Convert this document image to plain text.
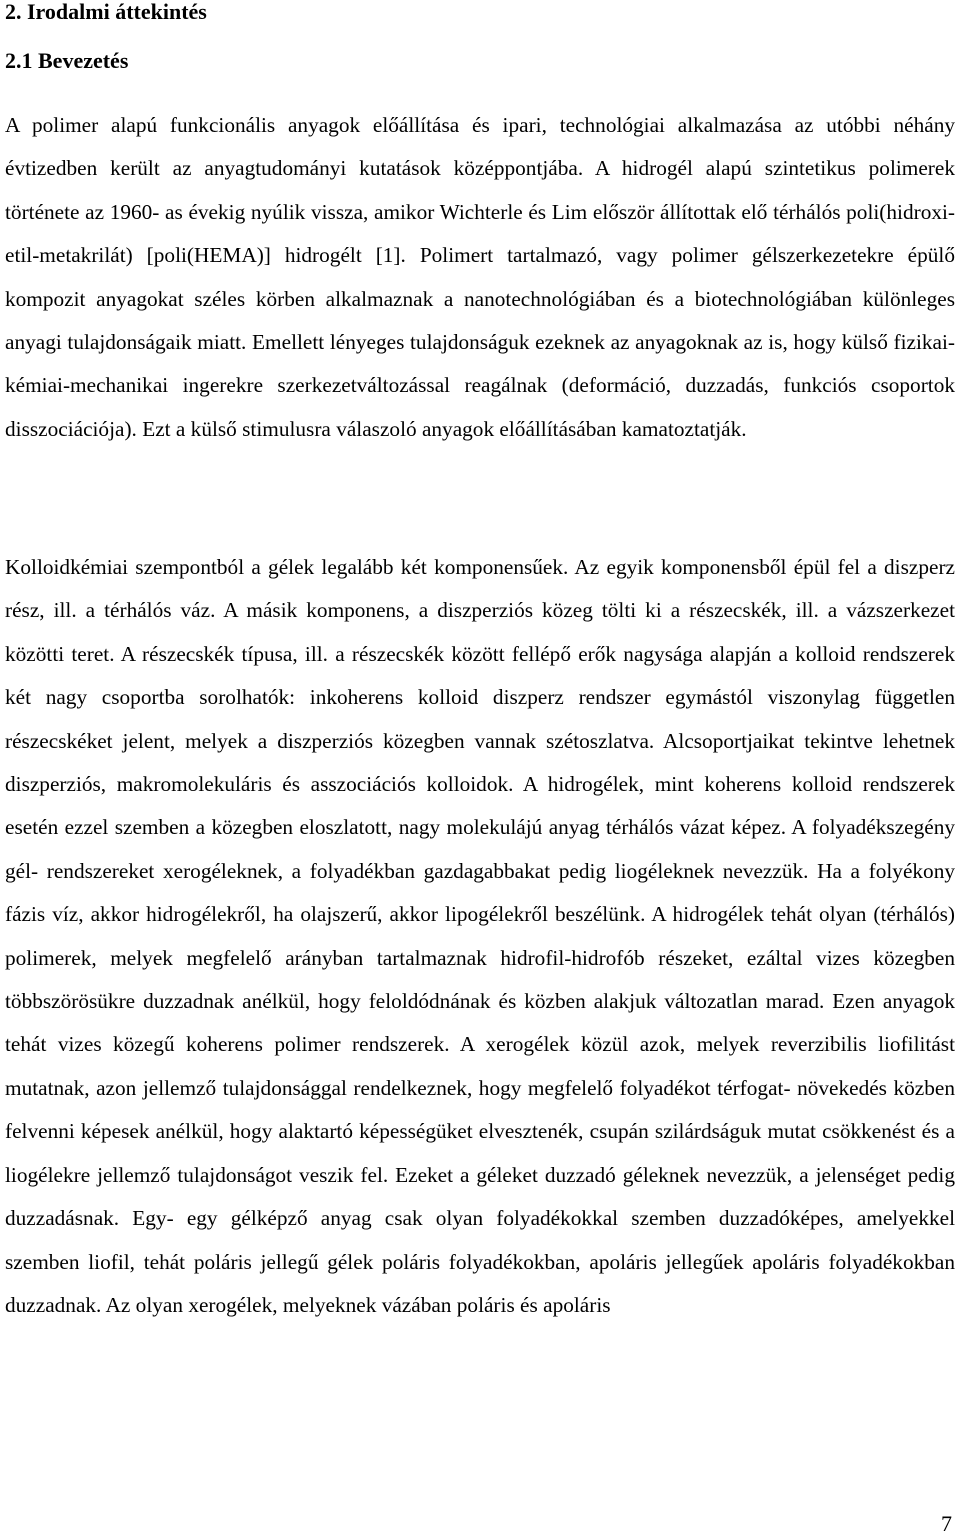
2. Irodalmi áttekintés
2.1 Bevezetés

A polimer alapú funkcionális anyagok előállítása és ipari, technológiai alkalmazása az utóbbi néhány évtizedben került az anyagtudományi kutatások középpontjába. A hidrogél alapú szintetikus polimerek története az 1960- as évekig nyúlik vissza, amikor Wichterle és Lim először állítottak elő térhálós poli(hidroxi-etil-metakrilát) [poli(HEMA)] hidrogélt [1]. Polimert tartalmazó, vagy polimer gélszerkezetekre épülő kompozit anyagokat széles körben alkalmaznak a nanotechnológiában és a biotechnológiában különleges anyagi tulajdonságaik miatt. Emellett lényeges tulajdonságuk ezeknek az anyagoknak az is, hogy külső fizikai-kémiai-mechanikai ingerekre szerkezetváltozással reagálnak (deformáció, duzzadás, funkciós csoportok disszociációja). Ezt a külső stimulusra válaszoló anyagok előállításában kamatoztatják.

Kolloidkémiai szempontból a gélek legalább két komponensűek. Az egyik komponensből épül fel a diszperz rész, ill. a térhálós váz. A másik komponens, a diszperziós közeg tölti ki a részecskék, ill. a vázszerkezet közötti teret. A részecskék típusa, ill. a részecskék között fellépő erők nagysága alapján a kolloid rendszerek két nagy csoportba sorolhatók: inkoherens kolloid diszperz rendszer egymástól viszonylag független részecskéket jelent, melyek a diszperziós közegben vannak szétoszlatva. Alcsoportjaikat tekintve lehetnek diszperziós, makromolekuláris és asszociációs kolloidok. A hidrogélek, mint koherens kolloid rendszerek esetén ezzel szemben a közegben eloszlatott, nagy molekulájú anyag térhálós vázat képez. A folyadékszegény gél- rendszereket xerogéleknek, a folyadékban gazdagabbakat pedig liogéleknek nevezzük. Ha a folyékony fázis víz, akkor hidrogélekről, ha olajszerű, akkor lipogélekről beszélünk. A hidrogélek tehát olyan (térhálós) polimerek, melyek megfelelő arányban tartalmaznak hidrofil-hidrofób részeket, ezáltal vizes közegben többszörösükre duzzadnak anélkül, hogy feloldódnának és közben alakjuk változatlan marad. Ezen anyagok tehát vizes közegű koherens polimer rendszerek. A xerogélek közül azok, melyek reverzibilis liofilitást mutatnak, azon jellemző tulajdonsággal rendelkeznek, hogy megfelelő folyadékot térfogat- növekedés közben felvenni képesek anélkül, hogy alaktartó képességüket elvesztenék, csupán szilárdságuk mutat csökkenést és a liogélekre jellemző tulajdonságot veszik fel. Ezeket a géleket duzzadó géleknek nevezzük, a jelenséget pedig duzzadásnak. Egy- egy gélképző anyag csak olyan folyadékokkal szemben duzzadóképes, amelyekkel szemben liofil, tehát poláris jellegű gélek poláris folyadékokban, apoláris jellegűek apoláris folyadékokban duzzadnak. Az olyan xerogélek, melyeknek vázában poláris és apoláris

7
